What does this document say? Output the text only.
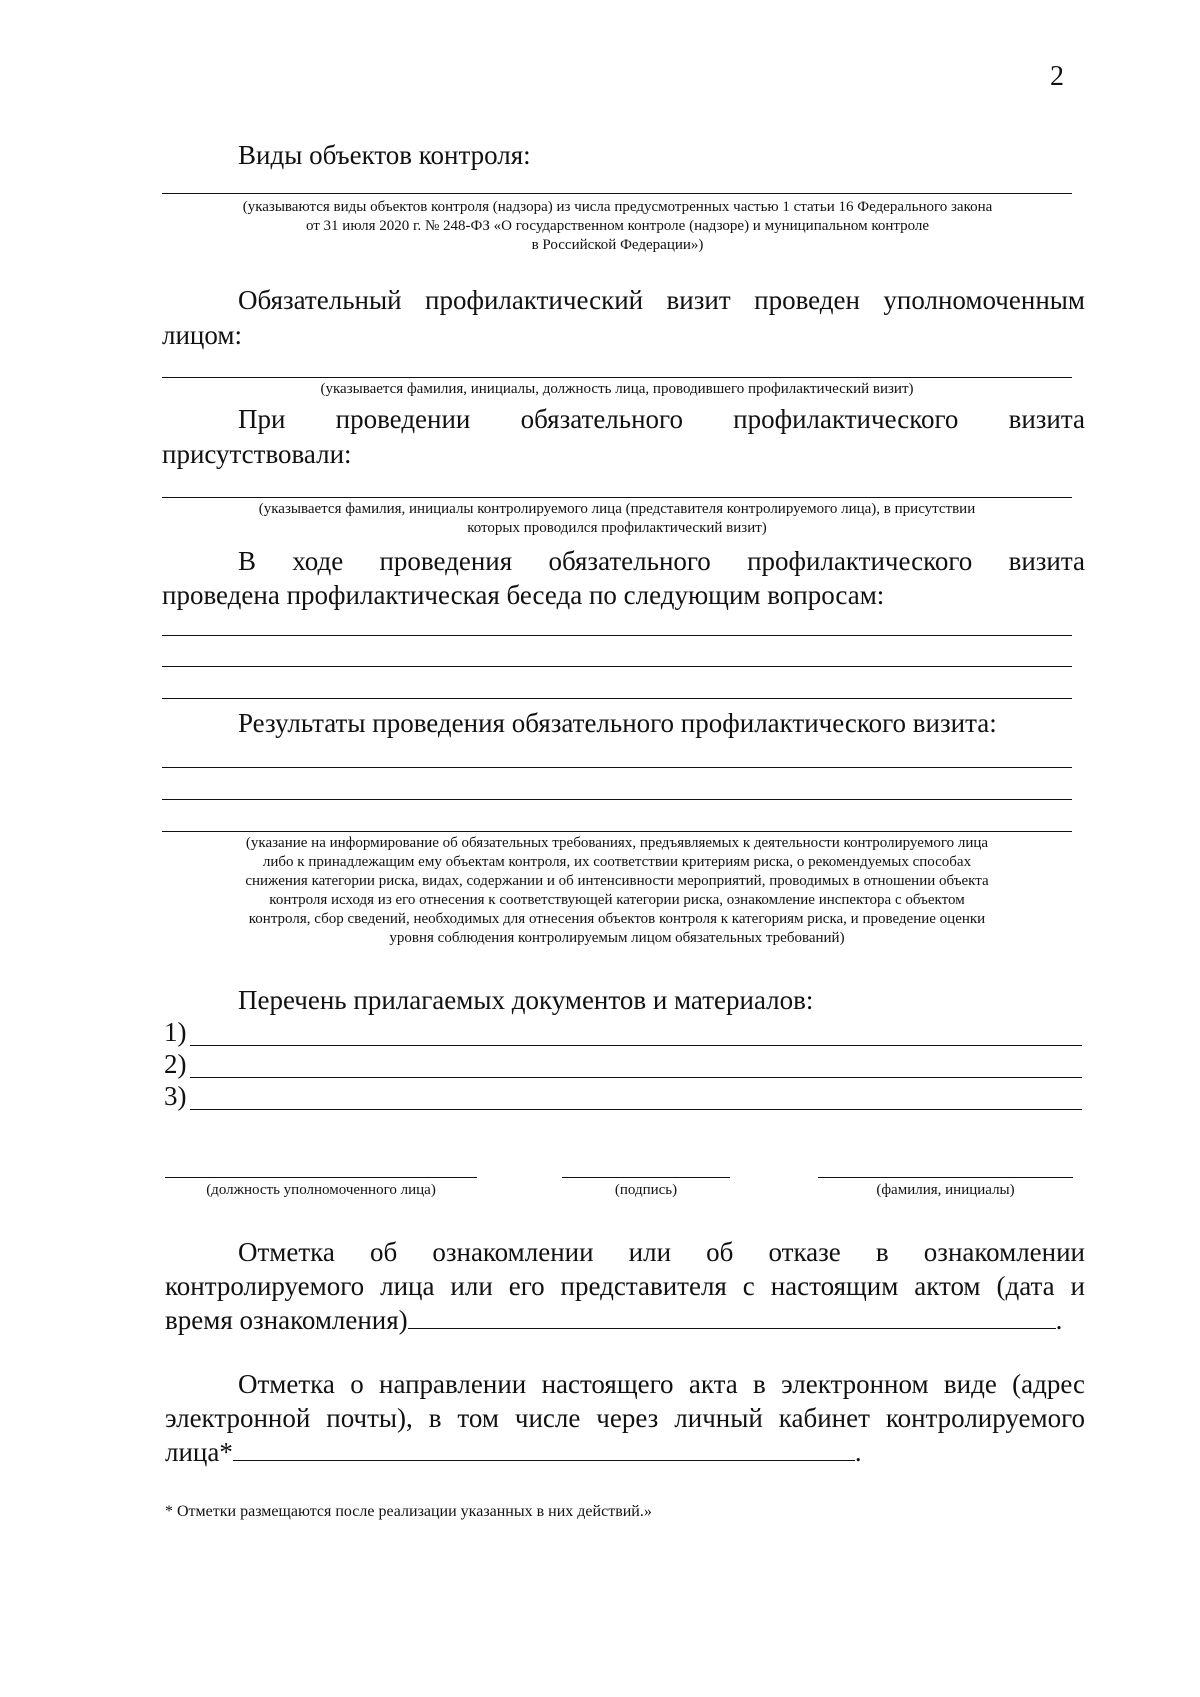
2
Виды объектов контроля:
(указываются виды объектов контроля (надзора) из числа предусмотренных частью 1 статьи 16 Федерального закона
от 31 июля 2020 г. № 248-ФЗ «О государственном контроле (надзоре) и муниципальном контроле
в Российской Федерации»)
Обязательный профилактический визит проведен уполномоченным
лицом:
(указывается фамилия, инициалы, должность лица, проводившего профилактический визит)
При проведении обязательного профилактического визита
присутствовали:
(указывается фамилия, инициалы контролируемого лица (представителя контролируемого лица), в присутствии
которых проводился профилактический визит)
В ходе проведения обязательного профилактического визита
проведена профилактическая беседа по следующим вопросам:
Результаты проведения обязательного профилактического визита:
(указание на информирование об обязательных требованиях, предъявляемых к деятельности контролируемого лица
либо к принадлежащим ему объектам контроля, их соответствии критериям риска, о рекомендуемых способах
снижения категории риска, видах, содержании и об интенсивности мероприятий, проводимых в отношении объекта
контроля исходя из его отнесения к соответствующей категории риска, ознакомление инспектора с объектом
контроля, сбор сведений, необходимых для отнесения объектов контроля к категориям риска, и проведение оценки
уровня соблюдения контролируемым лицом обязательных требований)
Перечень прилагаемых документов и материалов:
1)
2)
3)
(должность уполномоченного лица)	(подпись)	(фамилия, инициалы)
Отметка об ознакомлении или об отказе в ознакомлении
контролируемого лица или его представителя с настоящим актом (дата и
время ознакомления)	.
Отметка о направлении настоящего акта в электронном виде (адрес
электронной почты), в том числе через личный кабинет контролируемого
лица*	.
* Отметки размещаются после реализации указанных в них действий.»
